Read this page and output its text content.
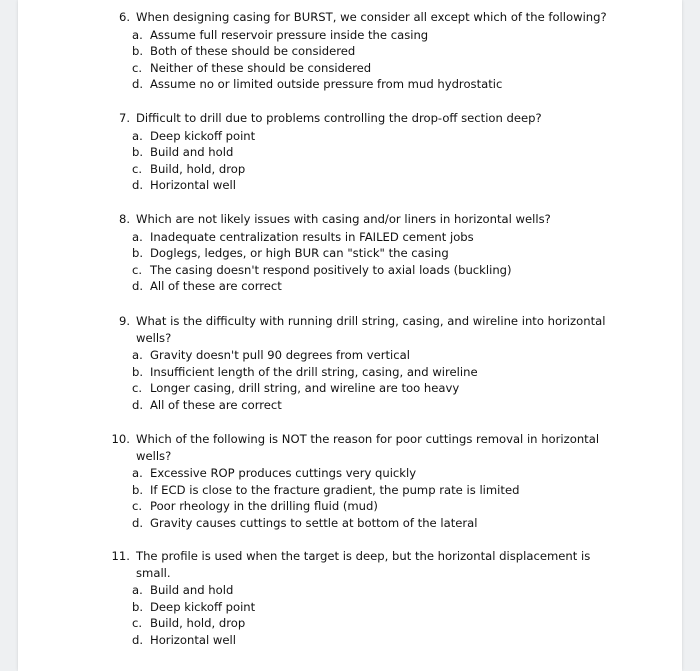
6. When designing casing for BURST, we consider all except which of the following?
a. Assume full reservoir pressure inside the casing
b. Both of these should be considered
c. Neither of these should be considered
d. Assume no or limited outside pressure from mud hydrostatic
7. Difficult to drill due to problems controlling the drop-off section deep?
a. Deep kickoff point
b. Build and hold
c. Build, hold, drop
d. Horizontal well
8. Which are not likely issues with casing and/or liners in horizontal wells?
a. Inadequate centralization results in FAILED cement jobs
b. Doglegs, ledges, or high BUR can "stick" the casing
c. The casing doesn't respond positively to axial loads (buckling)
d. All of these are correct
9. What is the difficulty with running drill string, casing, and wireline into horizontal wells?
a. Gravity doesn't pull 90 degrees from vertical
b. Insufficient length of the drill string, casing, and wireline
c. Longer casing, drill string, and wireline are too heavy
d. All of these are correct
10. Which of the following is NOT the reason for poor cuttings removal in horizontal wells?
a. Excessive ROP produces cuttings very quickly
b. If ECD is close to the fracture gradient, the pump rate is limited
c. Poor rheology in the drilling fluid (mud)
d. Gravity causes cuttings to settle at bottom of the lateral
11. The profile is used when the target is deep, but the horizontal displacement is small.
a. Build and hold
b. Deep kickoff point
c. Build, hold, drop
d. Horizontal well
